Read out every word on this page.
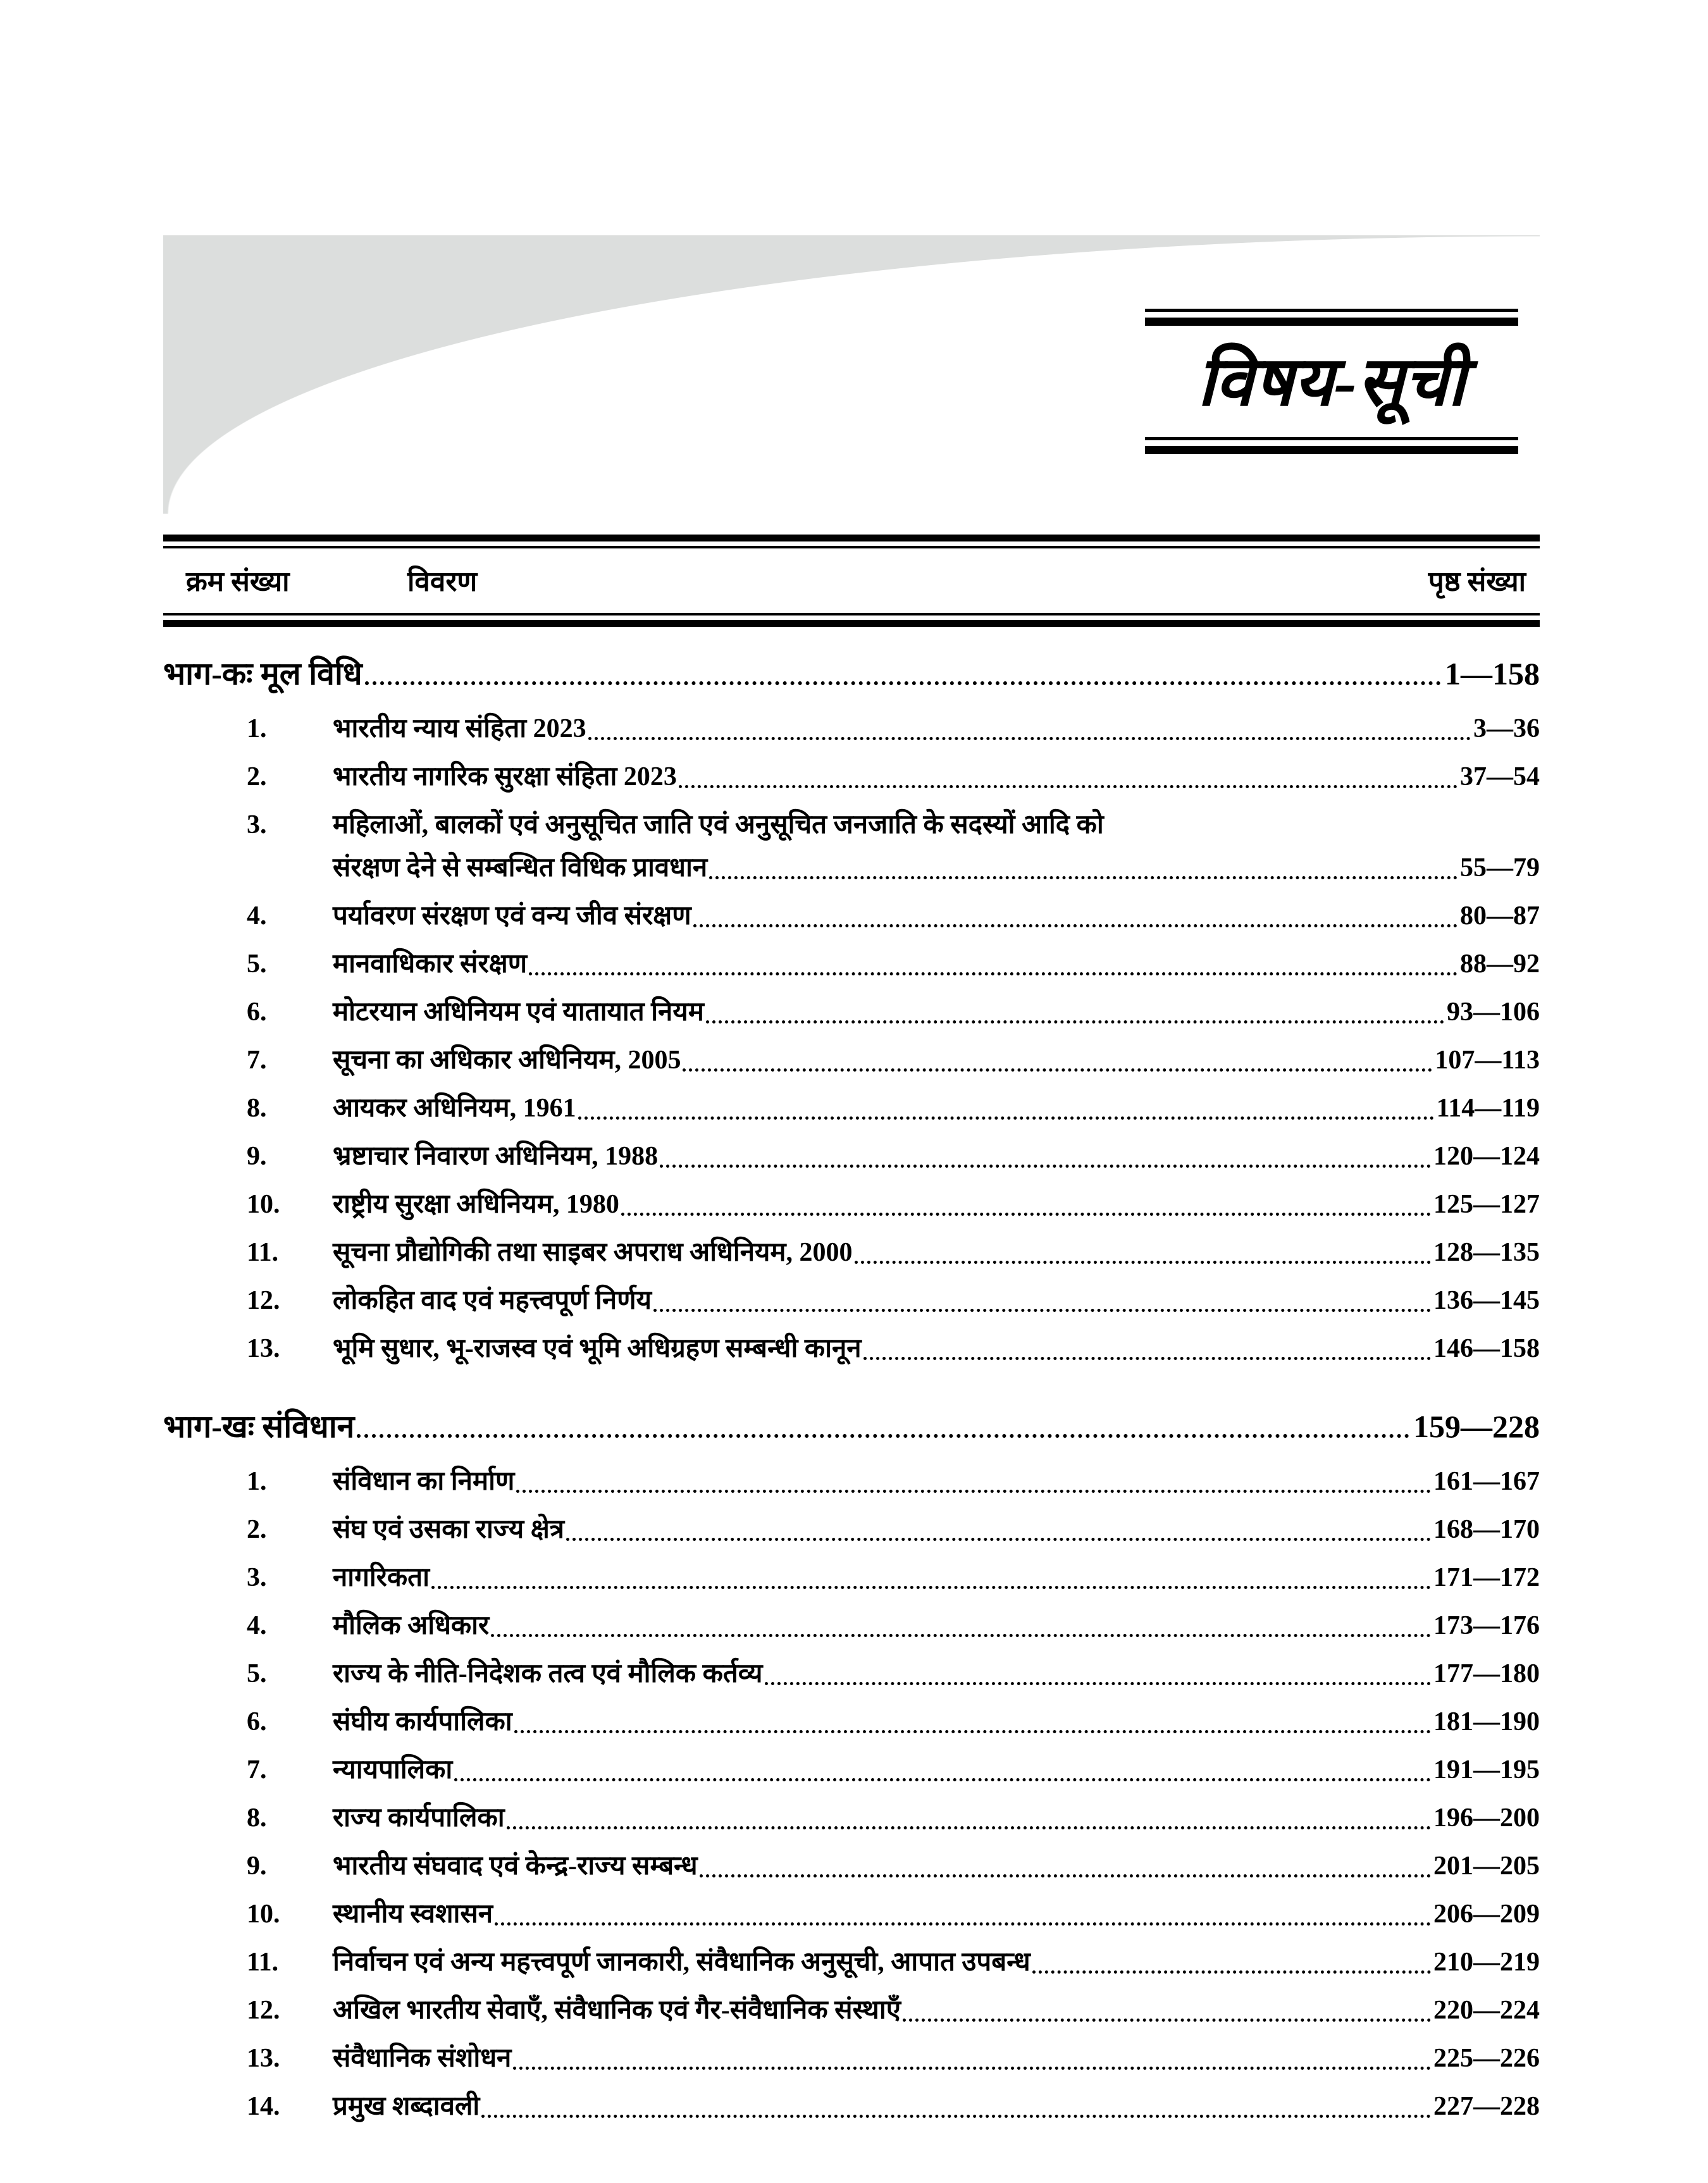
विषय-सूची
क्रम संख्या	विवरण	पृष्ठ संख्या
भाग-कः मूल विधि	1—158
1.	भारतीय न्याय संहिता 2023	3—36
2.	भारतीय नागरिक सुरक्षा संहिता 2023	37—54
3.	महिलाओं, बालकों एवं अनुसूचित जाति एवं अनुसूचित जनजाति के सदस्यों आदि को
संरक्षण देने से सम्बन्धित विधिक प्रावधान	55—79
4.	पर्यावरण संरक्षण एवं वन्य जीव संरक्षण	80—87
5.	मानवाधिकार संरक्षण	88—92
6.	मोटरयान अधिनियम एवं यातायात नियम	93—106
7.	सूचना का अधिकार अधिनियम, 2005	107—113
8.	आयकर अधिनियम, 1961	114—119
9.	भ्रष्टाचार निवारण अधिनियम, 1988	120—124
10.	राष्ट्रीय सुरक्षा अधिनियम, 1980	125—127
11.	सूचना प्रौद्योगिकी तथा साइबर अपराध अधिनियम, 2000	128—135
12.	लोकहित वाद एवं महत्त्वपूर्ण निर्णय	136—145
13.	भूमि सुधार, भू-राजस्व एवं भूमि अधिग्रहण सम्बन्धी कानून	146—158
भाग-खः संविधान	159—228
1.	संविधान का निर्माण	161—167
2.	संघ एवं उसका राज्य क्षेत्र	168—170
3.	नागरिकता	171—172
4.	मौलिक अधिकार	173—176
5.	राज्य के नीति-निदेशक तत्व एवं मौलिक कर्तव्य	177—180
6.	संघीय कार्यपालिका	181—190
7.	न्यायपालिका	191—195
8.	राज्य कार्यपालिका	196—200
9.	भारतीय संघवाद एवं केन्द्र-राज्य सम्बन्ध	201—205
10.	स्थानीय स्वशासन	206—209
11.	निर्वाचन एवं अन्य महत्त्वपूर्ण जानकारी, संवैधानिक अनुसूची, आपात उपबन्ध	210—219
12.	अखिल भारतीय सेवाएँ, संवैधानिक एवं गैर-संवैधानिक संस्थाएँ	220—224
13.	संवैधानिक संशोधन	225—226
14.	प्रमुख शब्दावली	227—228
